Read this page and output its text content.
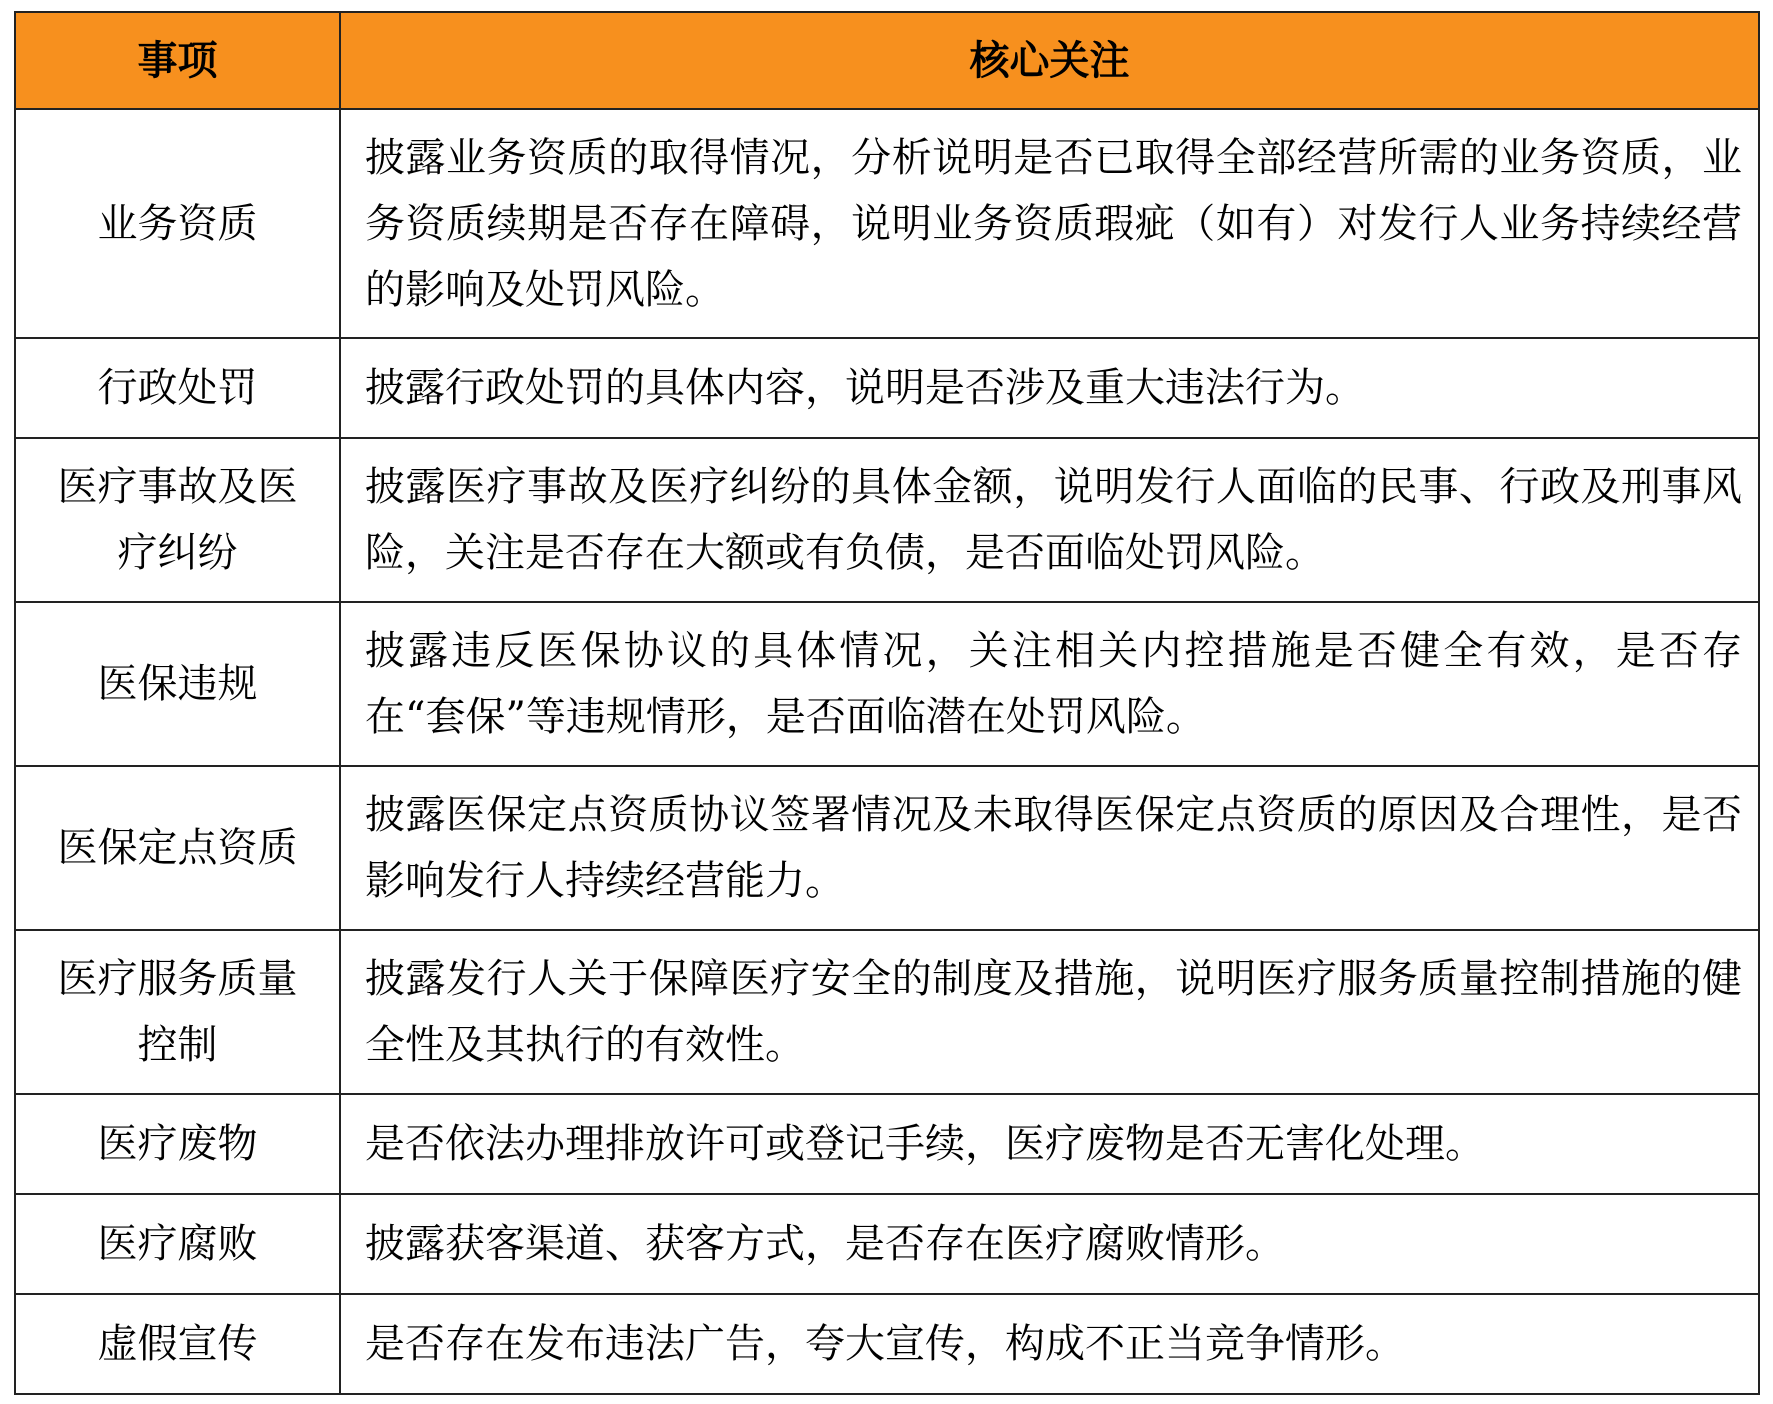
事项	核心关注
业务资质	披露业务资质的取得情况，分析说明是否已取得全部经营所需的业务资质，业务资质续期是否存在障碍，说明业务资质瑕疵（如有）对发行人业务持续经营的影响及处罚风险。
行政处罚	披露行政处罚的具体内容，说明是否涉及重大违法行为。
医疗事故及医疗纠纷	披露医疗事故及医疗纠纷的具体金额，说明发行人面临的民事、行政及刑事风险，关注是否存在大额或有负债，是否面临处罚风险。
医保违规	披露违反医保协议的具体情况，关注相关内控措施是否健全有效，是否存在“套保”等违规情形，是否面临潜在处罚风险。
医保定点资质	披露医保定点资质协议签署情况及未取得医保定点资质的原因及合理性，是否影响发行人持续经营能力。
医疗服务质量控制	披露发行人关于保障医疗安全的制度及措施，说明医疗服务质量控制措施的健全性及其执行的有效性。
医疗废物	是否依法办理排放许可或登记手续，医疗废物是否无害化处理。
医疗腐败	披露获客渠道、获客方式，是否存在医疗腐败情形。
虚假宣传	是否存在发布违法广告，夸大宣传，构成不正当竞争情形。
